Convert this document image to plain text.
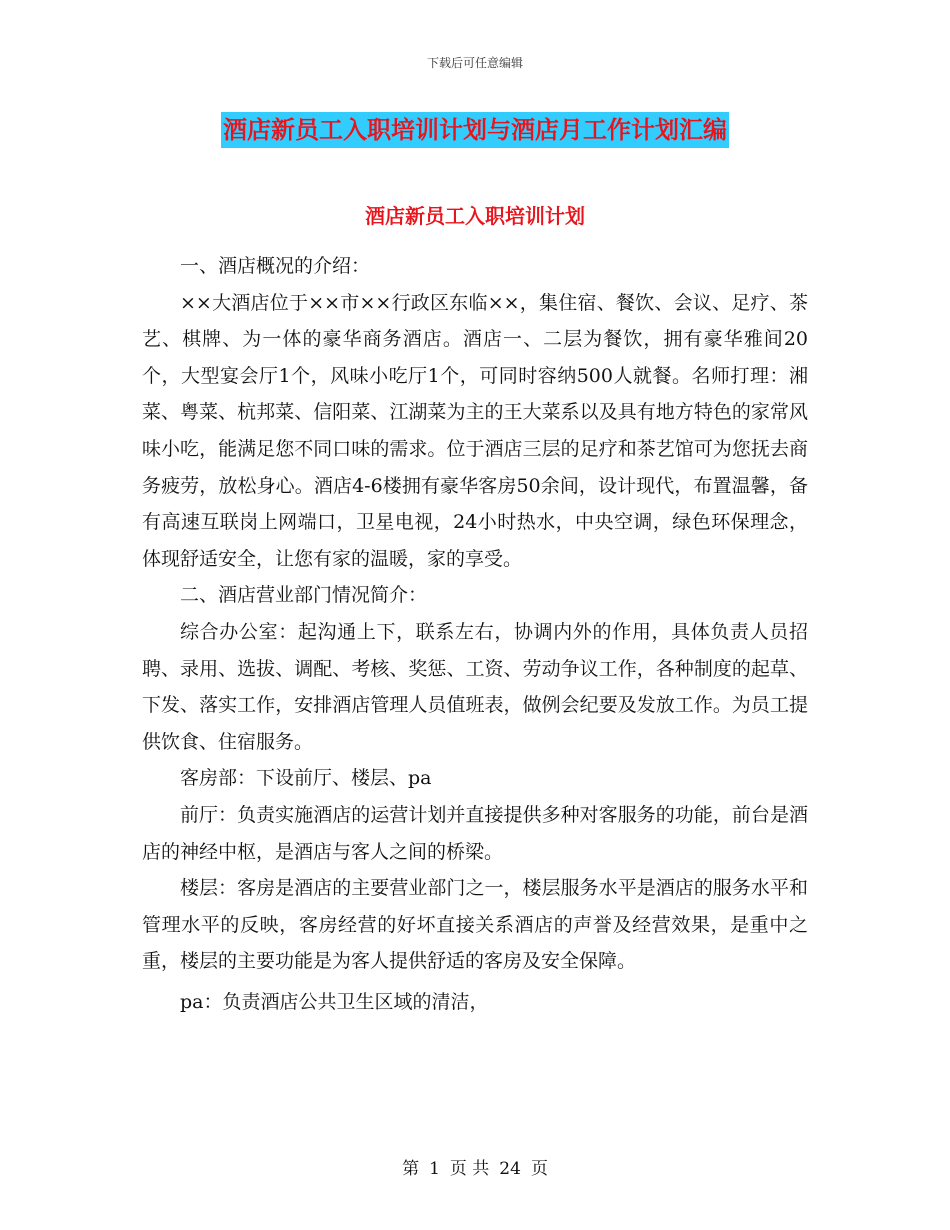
下载后可任意编辑
酒店新员工入职培训计划与酒店月工作计划汇编
酒店新员工入职培训计划

一、酒店概况的介绍：

××大酒店位于××市××行政区东临××，集住宿、餐饮、会议、足疗、茶艺、棋牌、为一体的豪华商务酒店。酒店一、二层为餐饮，拥有豪华雅间20个，大型宴会厅1个，风味小吃厅1个，可同时容纳500人就餐。名师打理：湘菜、粤菜、杭邦菜、信阳菜、江湖菜为主的王大菜系以及具有地方特色的家常风味小吃，能满足您不同口味的需求。位于酒店三层的足疗和茶艺馆可为您抚去商务疲劳，放松身心。酒店4-6楼拥有豪华客房50余间，设计现代，布置温馨，备有高速互联岗上网端口，卫星电视，24小时热水，中央空调，绿色环保理念，体现舒适安全，让您有家的温暖，家的享受。

二、酒店营业部门情况简介：

综合办公室：起沟通上下，联系左右，协调内外的作用，具体负责人员招聘、录用、选拔、调配、考核、奖惩、工资、劳动争议工作，各种制度的起草、下发、落实工作，安排酒店管理人员值班表，做例会纪要及发放工作。为员工提供饮食、住宿服务。

客房部：下设前厅、楼层、pa

前厅：负责实施酒店的运营计划并直接提供多种对客服务的功能，前台是酒店的神经中枢，是酒店与客人之间的桥梁。

楼层：客房是酒店的主要营业部门之一，楼层服务水平是酒店的服务水平和管理水平的反映，客房经营的好坏直接关系酒店的声誉及经营效果，是重中之重，楼层的主要功能是为客人提供舒适的客房及安全保障。

pa：负责酒店公共卫生区域的清洁，

第 1 页 共 24 页
